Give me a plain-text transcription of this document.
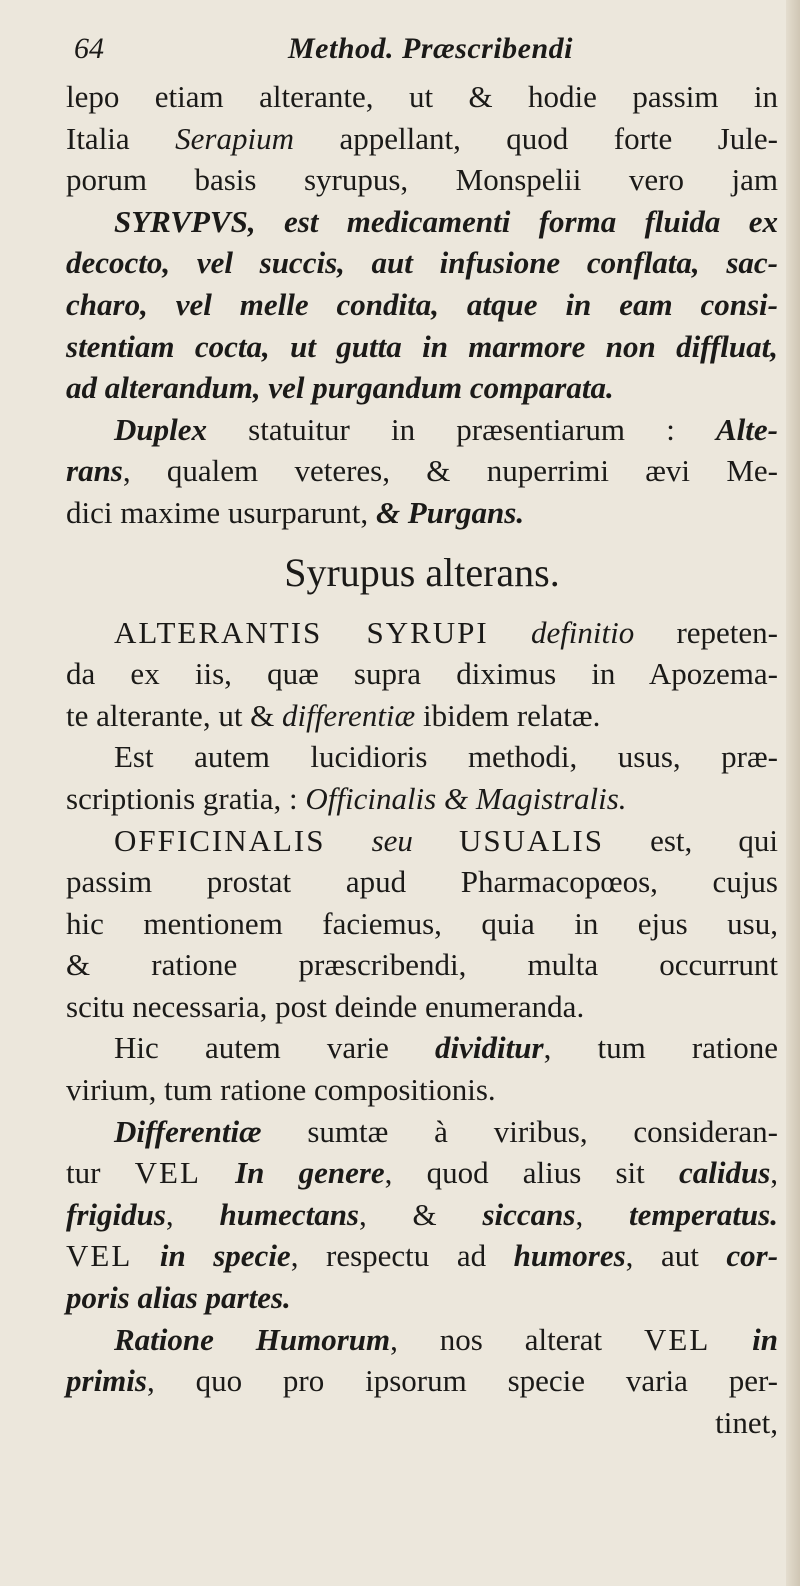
64	Method. Præscribendi
lepo etiam alterante, ut & hodie passim in
Italia Serapium appellant, quod forte Jule-
porum basis syrupus, Monspelii vero jam
SYRVPVS, est medicamenti forma fluida ex
decocto, vel succis, aut infusione conflata, sac-
charo, vel melle condita, atque in eam consi-
stentiam cocta, ut gutta in marmore non diffluat,
ad alterandum, vel purgandum comparata.
Duplex statuitur in præsentiarum : Alte-
rans, qualem veteres, & nuperrimi ævi Me-
dici maxime usurparunt, & Purgans.
Syrupus alterans.
ALTERANTIS SYRUPI definitio repeten-
da ex iis, quæ supra diximus in Apozema-
te alterante, ut & differentiæ ibidem relatæ.
Est autem lucidioris methodi, usus, præ-
scriptionis gratia, : Officinalis & Magistralis.
OFFICINALIS seu USUALIS est, qui
passim prostat apud Pharmacopœos, cujus
hic mentionem faciemus, quia in ejus usu,
& ratione præscribendi, multa occurrunt
scitu necessaria, post deinde enumeranda.
Hic autem varie dividitur, tum ratione
virium, tum ratione compositionis.
Differentiæ sumtæ à viribus, consideran-
tur VEL In genere, quod alius sit calidus,
frigidus, humectans, & siccans, temperatus.
VEL in specie, respectu ad humores, aut cor-
poris alias partes.
Ratione Humorum, nos alterat VEL in
primis, quo pro ipsorum specie varia per-
tinet,
